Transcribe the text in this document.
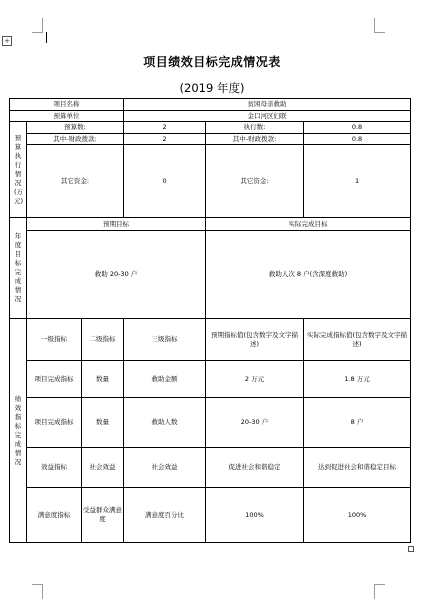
+
项目绩效目标完成情况表
(2019 年度)
项目名称			贫困母亲救助		
预算单位			金口河区妇联		

预算执行情况(万元)	预算数:		2	执行数:	0.8
	其中-财政拨款:		2	其中-财政拨款:	0.8
	其它资金:		0	其它资金:	1

年度目标完成情况	预期目标			实际完成目标	
	救助 20-30 户			救助人次 8 户(含深度救助)	

绩效指标完成情况	一级指标	二级指标	三级指标	预期指标值(包含数字及文字描述)	实际完成指标值(包含数字及文字描述)
	项目完成指标	数量	救助金额	2 万元	1.8 万元
	项目完成指标	数量	救助人数	20-30 户	8 户
	效益指标	社会效益	社会效益	促进社会和谐稳定	达到促进社会和谐稳定目标
	满意度指标	受益群众满意度	满意度百分比	100%	100%
